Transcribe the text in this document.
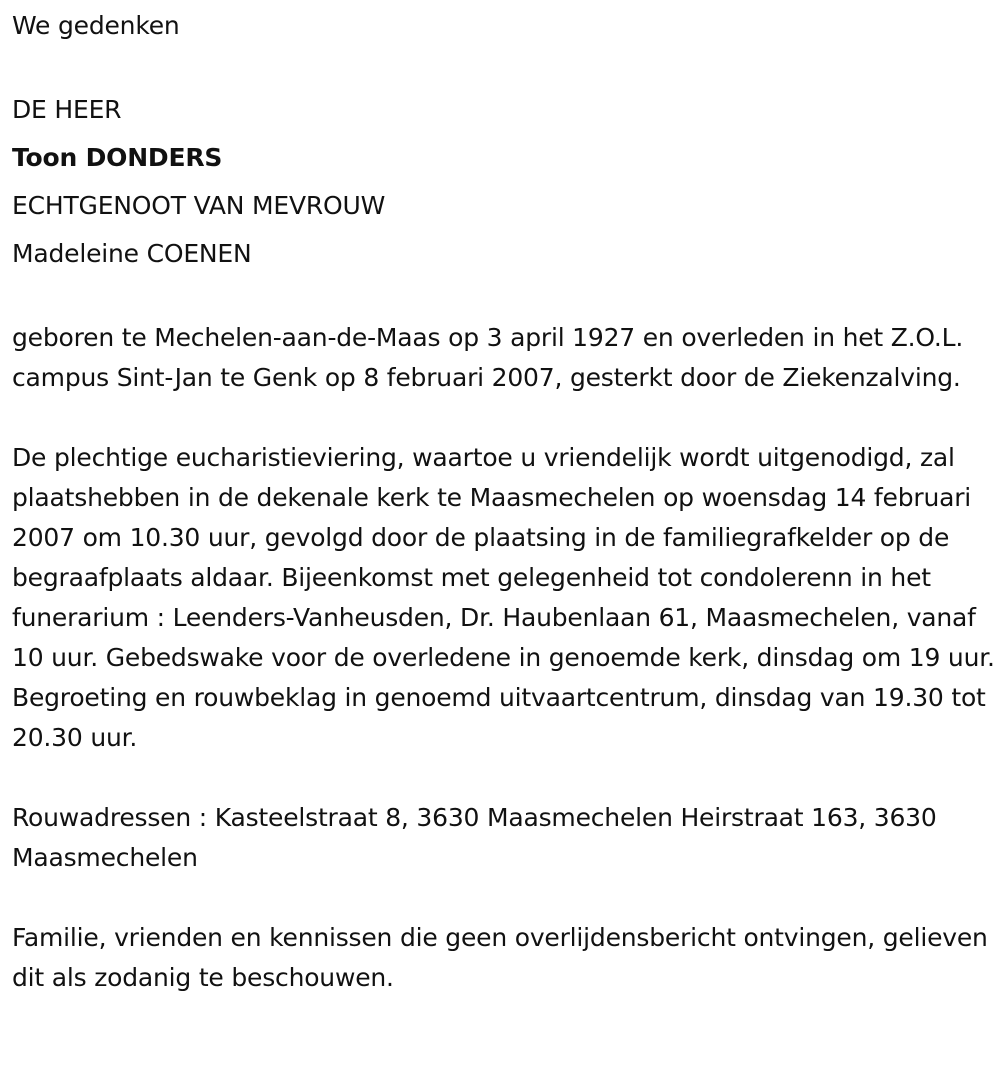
We gedenken

DE HEER

Toon DONDERS

ECHTGENOOT VAN MEVROUW

Madeleine COENEN

geboren te Mechelen-aan-de-Maas op 3 april 1927 en overleden in het Z.O.L. campus Sint-Jan te Genk op 8 februari 2007, gesterkt door de Ziekenzalving.

De plechtige eucharistieviering, waartoe u vriendelijk wordt uitgenodigd, zal plaatshebben in de dekenale kerk te Maasmechelen op woensdag 14 februari 2007 om 10.30 uur, gevolgd door de plaatsing in de familiegrafkelder op de begraafplaats aldaar. Bijeenkomst met gelegenheid tot condolerenn in het funerarium : Leenders-Vanheusden, Dr. Haubenlaan 61, Maasmechelen, vanaf 10 uur. Gebedswake voor de overledene in genoemde kerk, dinsdag om 19 uur. Begroeting en rouwbeklag in genoemd uitvaartcentrum, dinsdag van 19.30 tot 20.30 uur.

Rouwadressen : Kasteelstraat 8, 3630 Maasmechelen Heirstraat 163, 3630 Maasmechelen

Familie, vrienden en kennissen die geen overlijdensbericht ontvingen, gelieven dit als zodanig te beschouwen.
